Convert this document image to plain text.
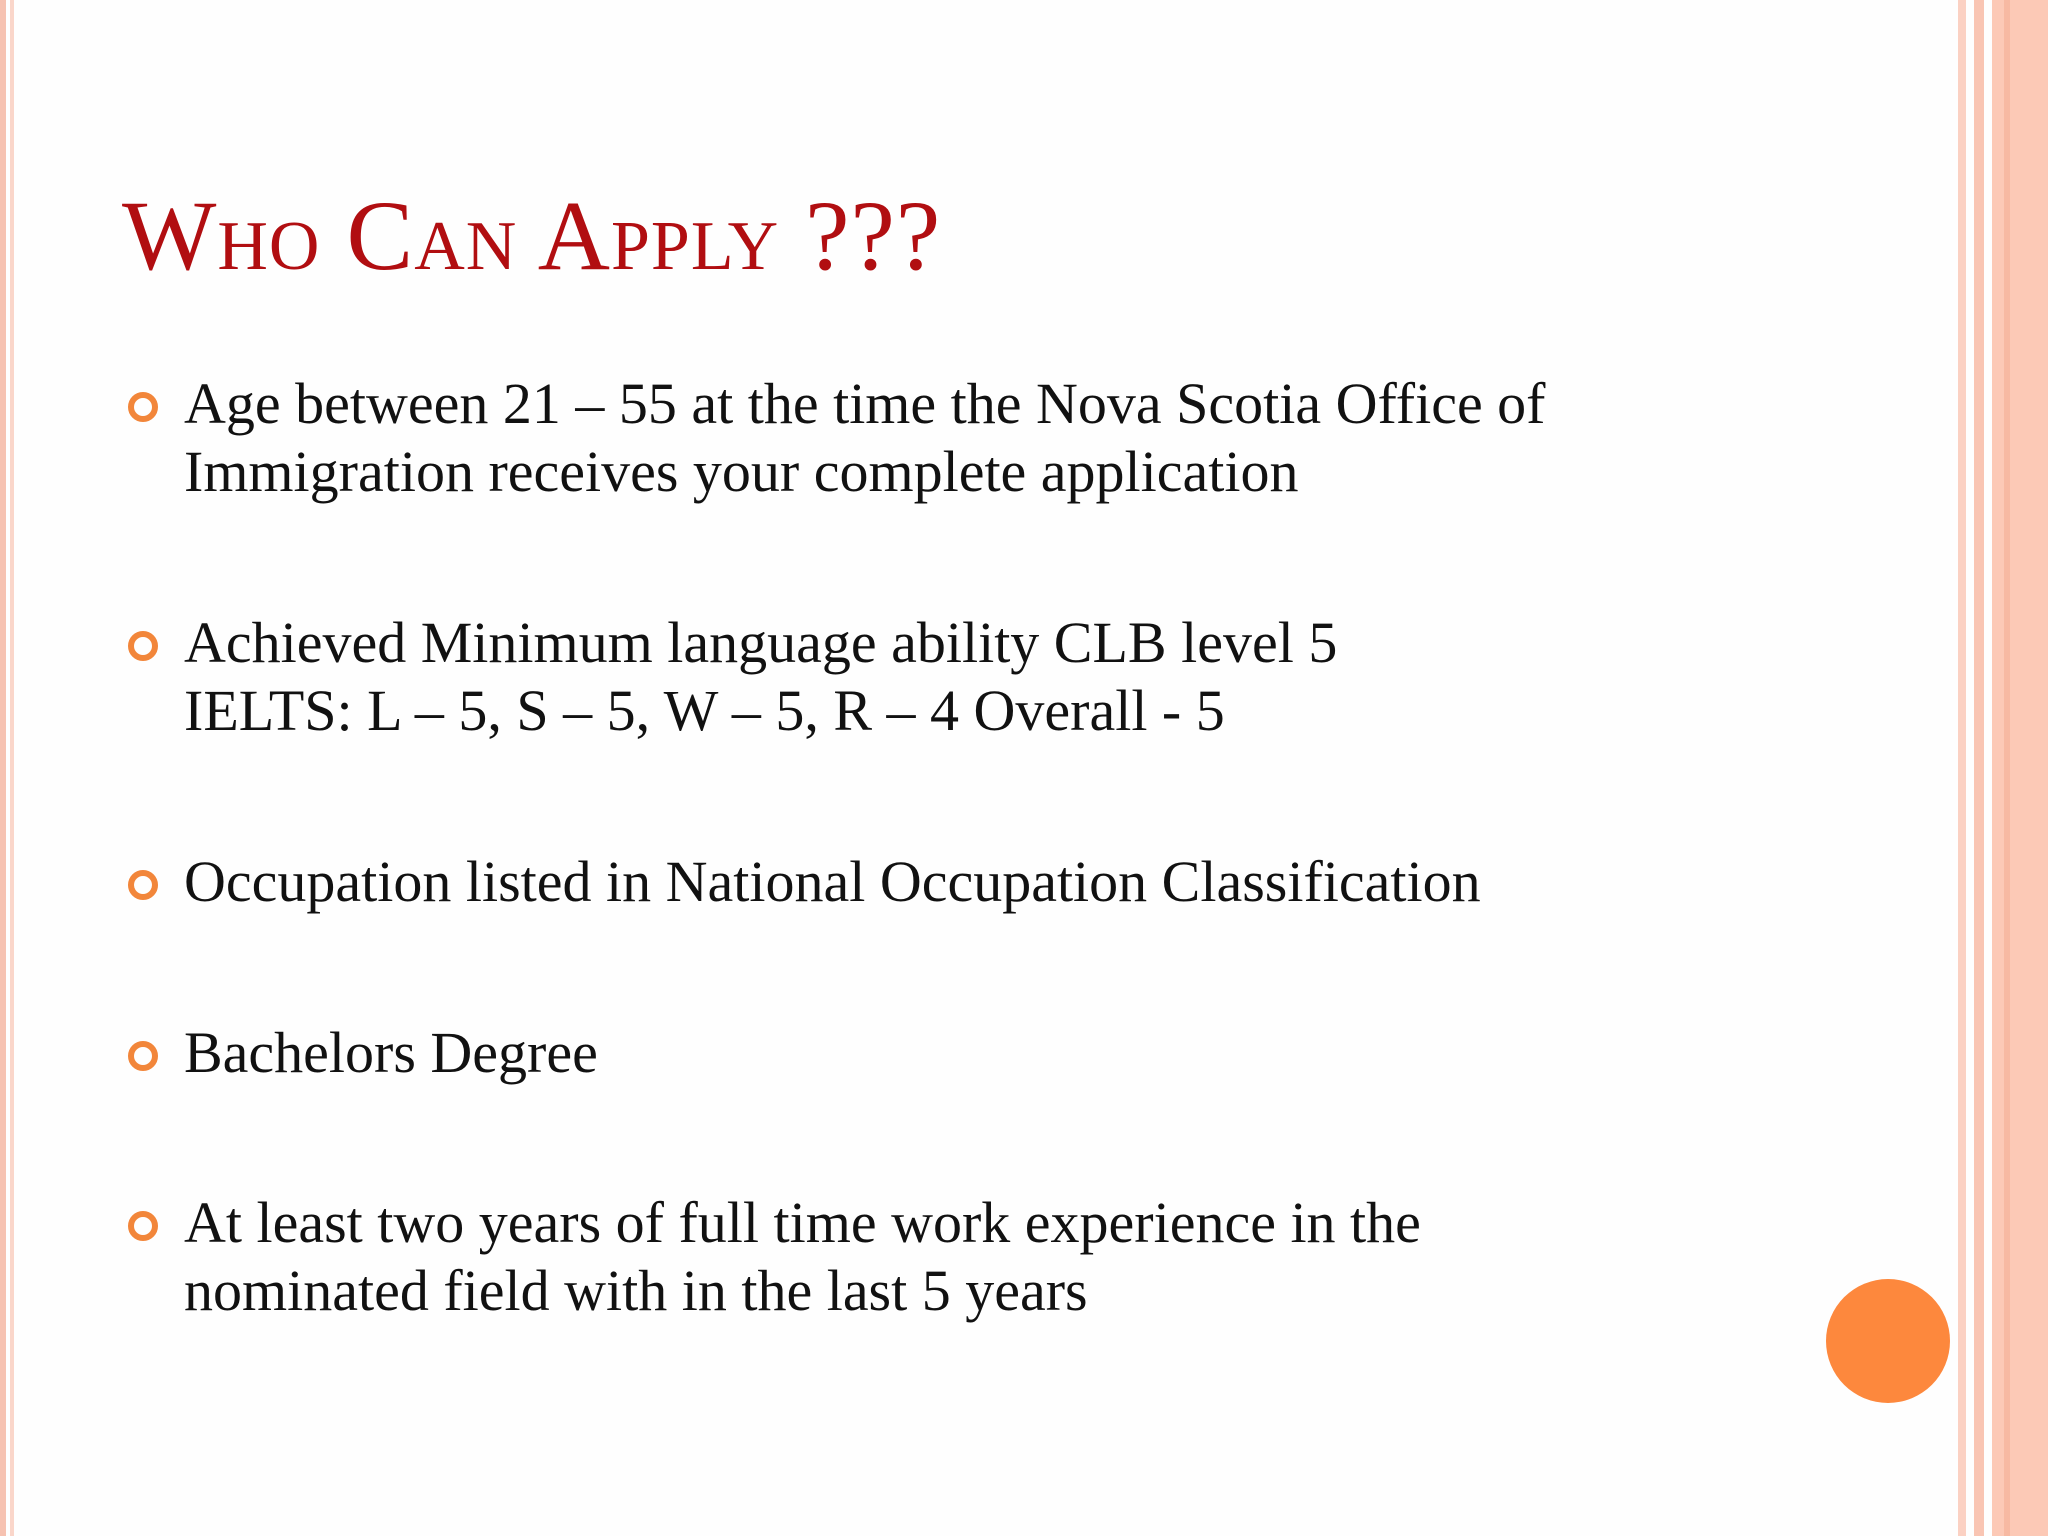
Who Can Apply ???
Age between 21 – 55 at the time the Nova Scotia Office of
Immigration receives your complete application
Achieved Minimum language ability CLB level 5
IELTS: L – 5, S – 5, W – 5, R – 4 Overall - 5
Occupation listed in National Occupation Classification
Bachelors Degree
At least two years of full time work experience in the
nominated field with in the last 5 years
